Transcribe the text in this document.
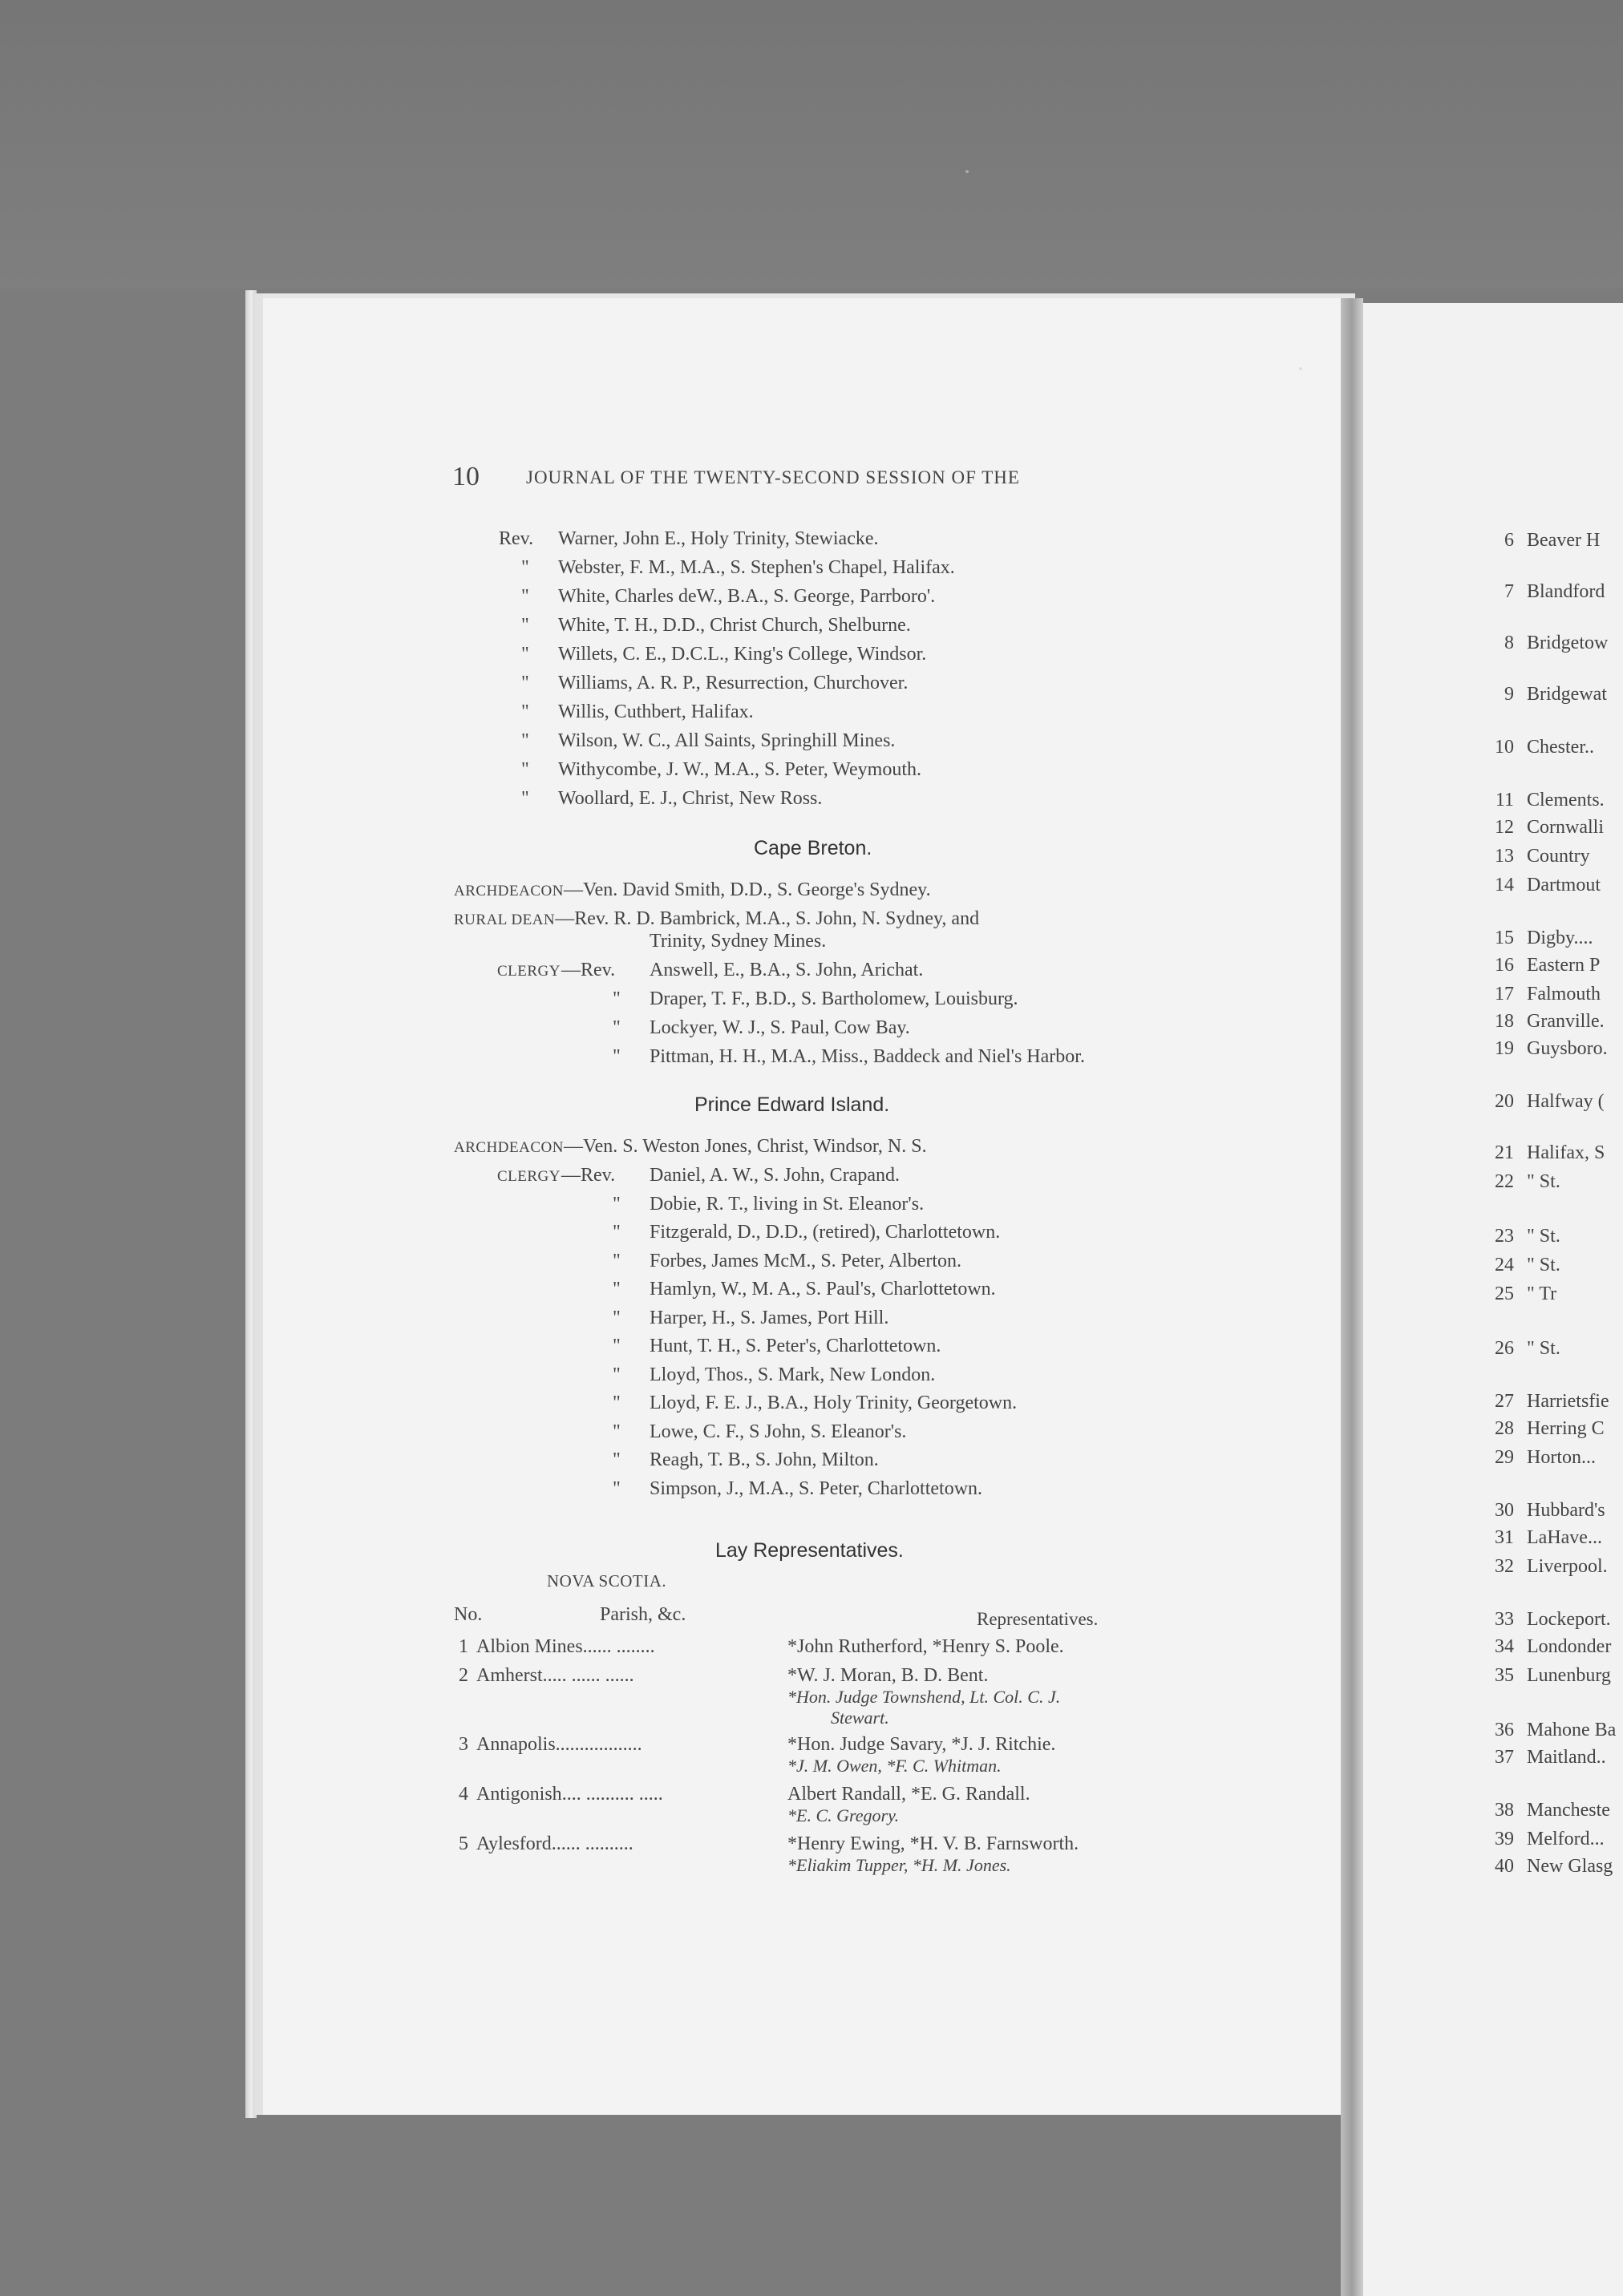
10	JOURNAL OF THE TWENTY-SECOND SESSION OF THE
Rev. Warner, John E., Holy Trinity, Stewiacke.
" Webster, F. M., M.A., S. Stephen's Chapel, Halifax.
" White, Charles deW., B.A., S. George, Parrboro'.
" White, T. H., D.D., Christ Church, Shelburne.
" Willets, C. E., D.C.L., King's College, Windsor.
" Williams, A. R. P., Resurrection, Churchover.
" Willis, Cuthbert, Halifax.
" Wilson, W. C., All Saints, Springhill Mines.
" Withycombe, J. W., M.A., S. Peter, Weymouth.
" Woollard, E. J., Christ, New Ross.
Cape Breton.
ARCHDEACON—Ven. David Smith, D.D., S. George's Sydney.
RURAL DEAN—Rev. R. D. Bambrick, M.A., S. John, N. Sydney, and
Trinity, Sydney Mines.
CLERGY —Rev. Answell, E., B.A., S. John, Arichat.
" Draper, T. F., B.D., S. Bartholomew, Louisburg.
" Lockyer, W. J., S. Paul, Cow Bay.
" Pittman, H. H., M.A., Miss., Baddeck and Niel's Harbor.
Prince Edward Island.
ARCHDEACON—Ven. S. Weston Jones, Christ, Windsor, N. S.
CLERGY —Rev. Daniel, A. W., S. John, Crapand.
" Dobie, R. T., living in St. Eleanor's.
" Fitzgerald, D., D.D., (retired), Charlottetown.
" Forbes, James McM., S. Peter, Alberton.
" Hamlyn, W., M. A., S. Paul's, Charlottetown.
" Harper, H., S. James, Port Hill.
" Hunt, T. H., S. Peter's, Charlottetown.
" Lloyd, Thos., S. Mark, New London.
" Lloyd, F. E. J., B.A., Holy Trinity, Georgetown.
" Lowe, C. F., S John, S. Eleanor's.
" Reagh, T. B., S. John, Milton.
" Simpson, J., M.A., S. Peter, Charlottetown.
Lay Representatives.
NOVA SCOTIA.
No.	Parish, &c.	Representatives.
1 Albion Mines...... ........	*John Rutherford, *Henry S. Poole.
2 Amherst..... ...... ......	*W. J. Moran, B. D. Bent.
*Hon. Judge Townshend, Lt. Col. C. J.
Stewart.
3 Annapolis..................	*Hon. Judge Savary, *J. J. Ritchie.
*J. M. Owen, *F. C. Whitman.
4 Antigonish.... .......... .....	Albert Randall, *E. G. Randall.
*E. C. Gregory.
5 Aylesford...... ..........	*Henry Ewing, *H. V. B. Farnsworth.
*Eliakim Tupper, *H. M. Jones.
6 Beaver H
7 Blandford
8 Bridgetow
9 Bridgewat
10 Chester..
11 Clements.
12 Cornwalli
13 Country
14 Dartmout
15 Digby....
16 Eastern P
17 Falmouth
18 Granville.
19 Guysboro.
20 Halfway (
21 Halifax, S
22 " St.
23 " St.
24 " St.
25 " Tr
26 " St.
27 Harrietsfie
28 Herring C
29 Horton...
30 Hubbard's
31 LaHave...
32 Liverpool.
33 Lockeport.
34 Londonder
35 Lunenburg
36 Mahone Ba
37 Maitland..
38 Mancheste
39 Melford...
40 New Glasg
